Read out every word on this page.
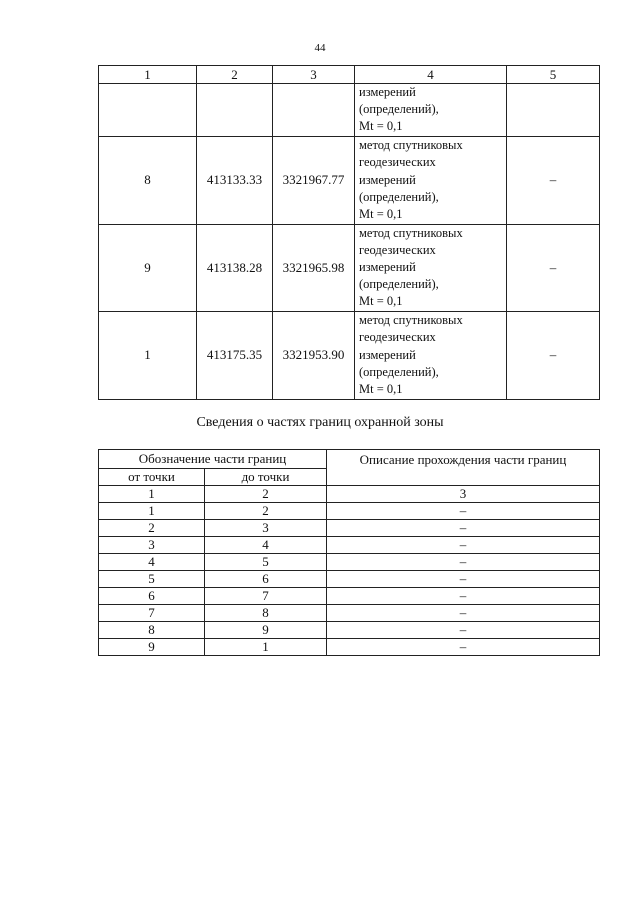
44
1	2	3	4	5

			измерений
(определений),
Mt = 0,1	

8	413133.33	3321967.77	метод спутниковых
геодезических
измерений
(определений),
Mt = 0,1	–
9	413138.28	3321965.98	метод спутниковых
геодезических
измерений
(определений),
Mt = 0,1	–
1	413175.35	3321953.90	метод спутниковых
геодезических
измерений
(определений),
Mt = 0,1	–
Сведения о частях границ охранной зоны
Обозначение части границ		Описание прохождения части границ
от точки	до точки	
1	2	3
1	2	–
2	3	–
3	4	–
4	5	–
5	6	–
6	7	–
7	8	–
8	9	–
9	1	–
